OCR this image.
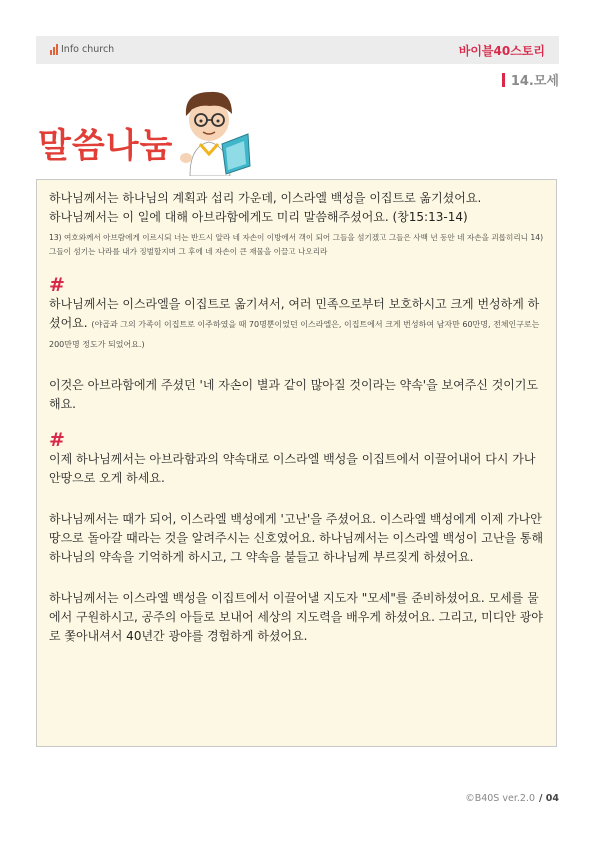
Info church	바이블40스토리
14.모세
말씀나눔

하나님께서는 하나님의 계획과 섭리 가운데, 이스라엘 백성을 이집트로 옮기셨어요.

하나님께서는 이 일에 대해 아브라함에게도 미리 말씀해주셨어요. (창15:13-14)

13) 여호와께서 아브람에게 이르시되 너는 반드시 알라 네 자손이 이방에서 객이 되어 그들을 섬기겠고 그들은 사백 년 동안 네 자손을 괴롭히리니 14) 그들이 섬기는 나라를 내가 징벌할지며 그 후에 네 자손이 큰 재물을 이끌고 나오리라

#

하나님께서는 이스라엘을 이집트로 옮기셔서, 여러 민족으로부터 보호하시고 크게 번성하게 하셨어요. (야곱과 그의 가족이 이집트로 이주하였을 때 70명뿐이었던 이스라엘은, 이집트에서 크게 번성하여 남자만 60만명, 전체인구로는 200만명 정도가 되었어요.)

이것은 아브라함에게 주셨던 '네 자손이 별과 같이 많아질 것이라는 약속'을 보여주신 것이기도 해요.

#

이제 하나님께서는 아브라함과의 약속대로 이스라엘 백성을 이집트에서 이끌어내어 다시 가나안땅으로 오게 하세요.

하나님께서는 때가 되어, 이스라엘 백성에게 '고난'을 주셨어요. 이스라엘 백성에게 이제 가나안땅으로 돌아갈 때라는 것을 알려주시는 신호였어요. 하나님께서는 이스라엘 백성이 고난을 통해 하나님의 약속을 기억하게 하시고, 그 약속을 붙들고 하나님께 부르짖게 하셨어요.

하나님께서는 이스라엘 백성을 이집트에서 이끌어낼 지도자 "모세"를 준비하셨어요. 모세를 물에서 구원하시고, 공주의 아들로 보내어 세상의 지도력을 배우게 하셨어요. 그리고, 미디안 광야로 쫓아내셔서 40년간 광야를 경험하게 하셨어요.

©B40S ver.2.0 / 04
